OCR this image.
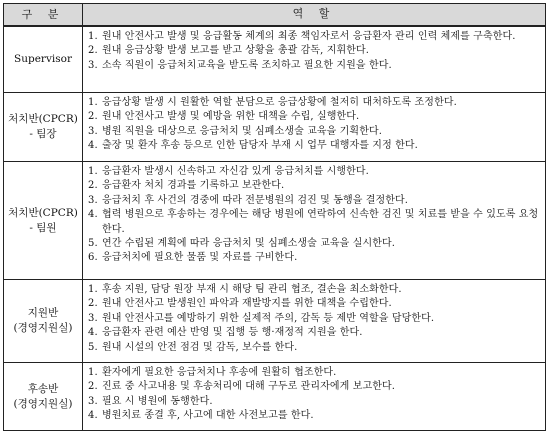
구 분	역 할
Supervisor
1. 원내 안전사고 발생 및 응급활동 체계의 최종 책임자로서 응급환자 관리 인력 체제를 구축한다.
2. 원내 응급상황 발생 보고를 받고 상황을 총괄 감독, 지휘한다.
3. 소속 직원이 응급처치교육을 받도록 조치하고 필요한 지원을 한다.
처치반(CPCR)
- 팀장
1. 응급상황 발생 시 원활한 역할 분담으로 응급상황에 철저히 대처하도록 조정한다.
2. 원내 안전사고 발생 및 예방을 위한 대책을 수립, 실행한다.
3. 병원 직원을 대상으로 응급처치 및 심폐소생술 교육을 기획한다.
4. 출장 및 환자 후송 등으로 인한 담당자 부재 시 업무 대행자를 지정 한다.
처치반(CPCR)
- 팀원
1. 응급환자 발생시 신속하고 자신감 있게 응급처치를 시행한다.
2. 응급환자 처치 경과를 기록하고 보관한다.
3. 응급처치 후 사건의 경중에 따라 전문병원의 검진 및 동행을 결정한다.
4. 협력 병원으로 후송하는 경우에는 해당 병원에 연락하여 신속한 검진 및 치료를 받을 수 있도록 요청한다.
5. 연간 수립된 계획에 따라 응급처치 및 심폐소생술 교육을 실시한다.
6. 응급처치에 필요한 물품 및 자료를 구비한다.
지원반
(경영지원실)
1. 후송 지원, 담당 원장 부재 시 해당 팀 관리 협조, 결손을 최소화한다.
2. 원내 안전사고 발생원인 파악과 재발방지를 위한 대책을 수립한다.
3. 원내 안전사고를 예방하기 위한 실제적 주의, 감독 등 제반 역할을 담당한다.
4. 응급환자 관련 예산 반영 및 집행 등 행·재정적 지원을 한다.
5. 원내 시설의 안전 점검 및 감독, 보수를 한다.
후송반
(경영지원실)
1. 환자에게 필요한 응급처치나 후송에 원활히 협조한다.
2. 진료 중 사고내용 및 후송처리에 대해 구두로 관리자에게 보고한다.
3. 필요 시 병원에 동행한다.
4. 병원치료 종결 후, 사고에 대한 사전보고를 한다.
